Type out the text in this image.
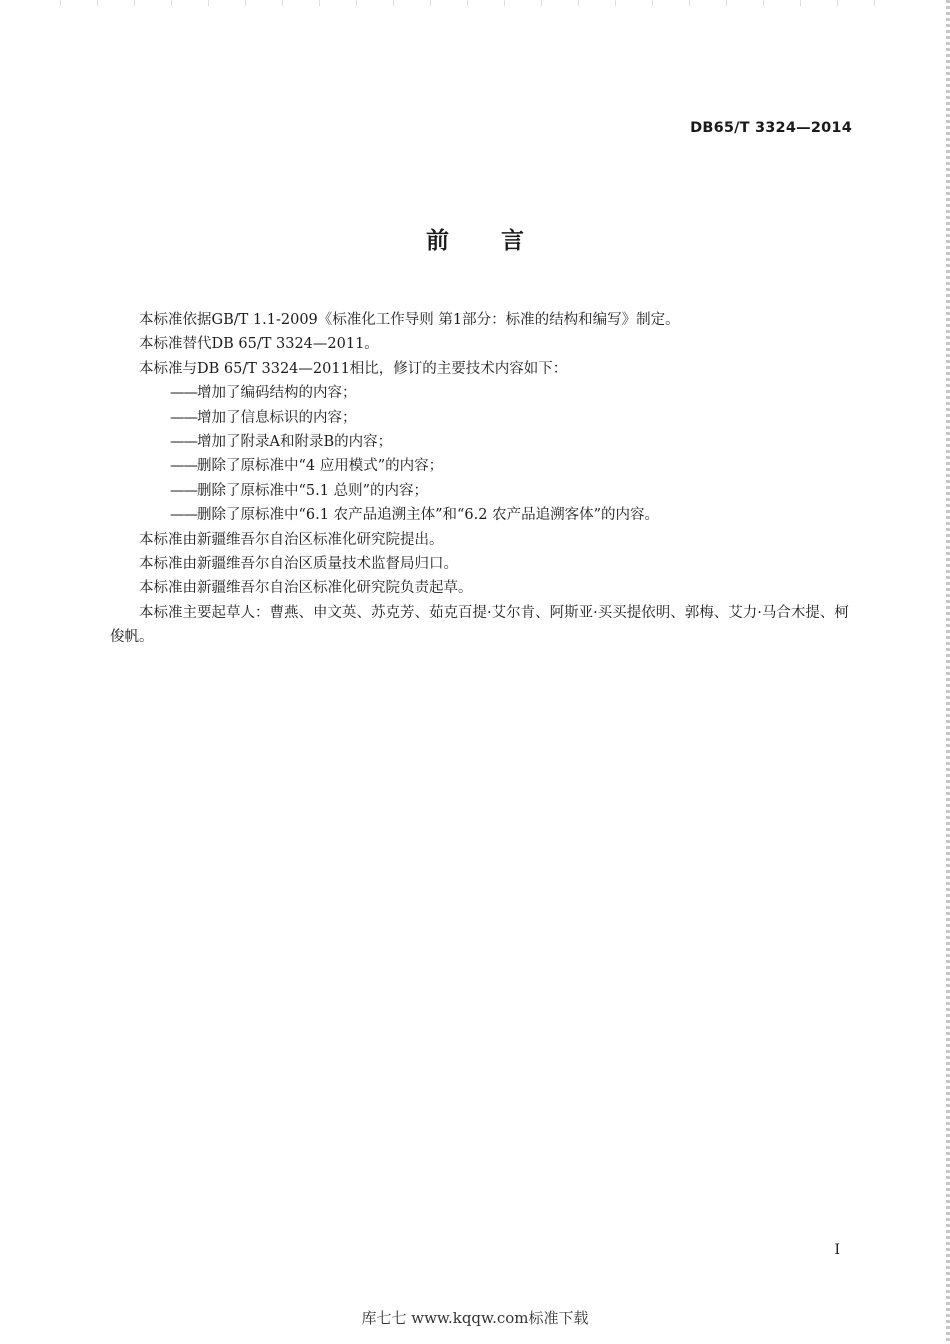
DB65/T 3324—2014
前 言

本标准依据GB/T 1.1-2009《标准化工作导则 第1部分：标准的结构和编写》制定。

本标准替代DB 65/T 3324—2011。

本标准与DB 65/T 3324—2011相比，修订的主要技术内容如下：

——增加了编码结构的内容；

——增加了信息标识的内容；

——增加了附录A和附录B的内容；

——删除了原标准中“4 应用模式”的内容；

——删除了原标准中“5.1 总则”的内容；

——删除了原标准中“6.1 农产品追溯主体”和“6.2 农产品追溯客体”的内容。

本标准由新疆维吾尔自治区标准化研究院提出。

本标准由新疆维吾尔自治区质量技术监督局归口。

本标准由新疆维吾尔自治区标准化研究院负责起草。

本标准主要起草人：曹燕、申文英、苏克芳、茹克百提·艾尔肯、阿斯亚·买买提依明、郭梅、艾力·马合木提、柯俊帆。

I
库七七 www.kqqw.com标准下载
